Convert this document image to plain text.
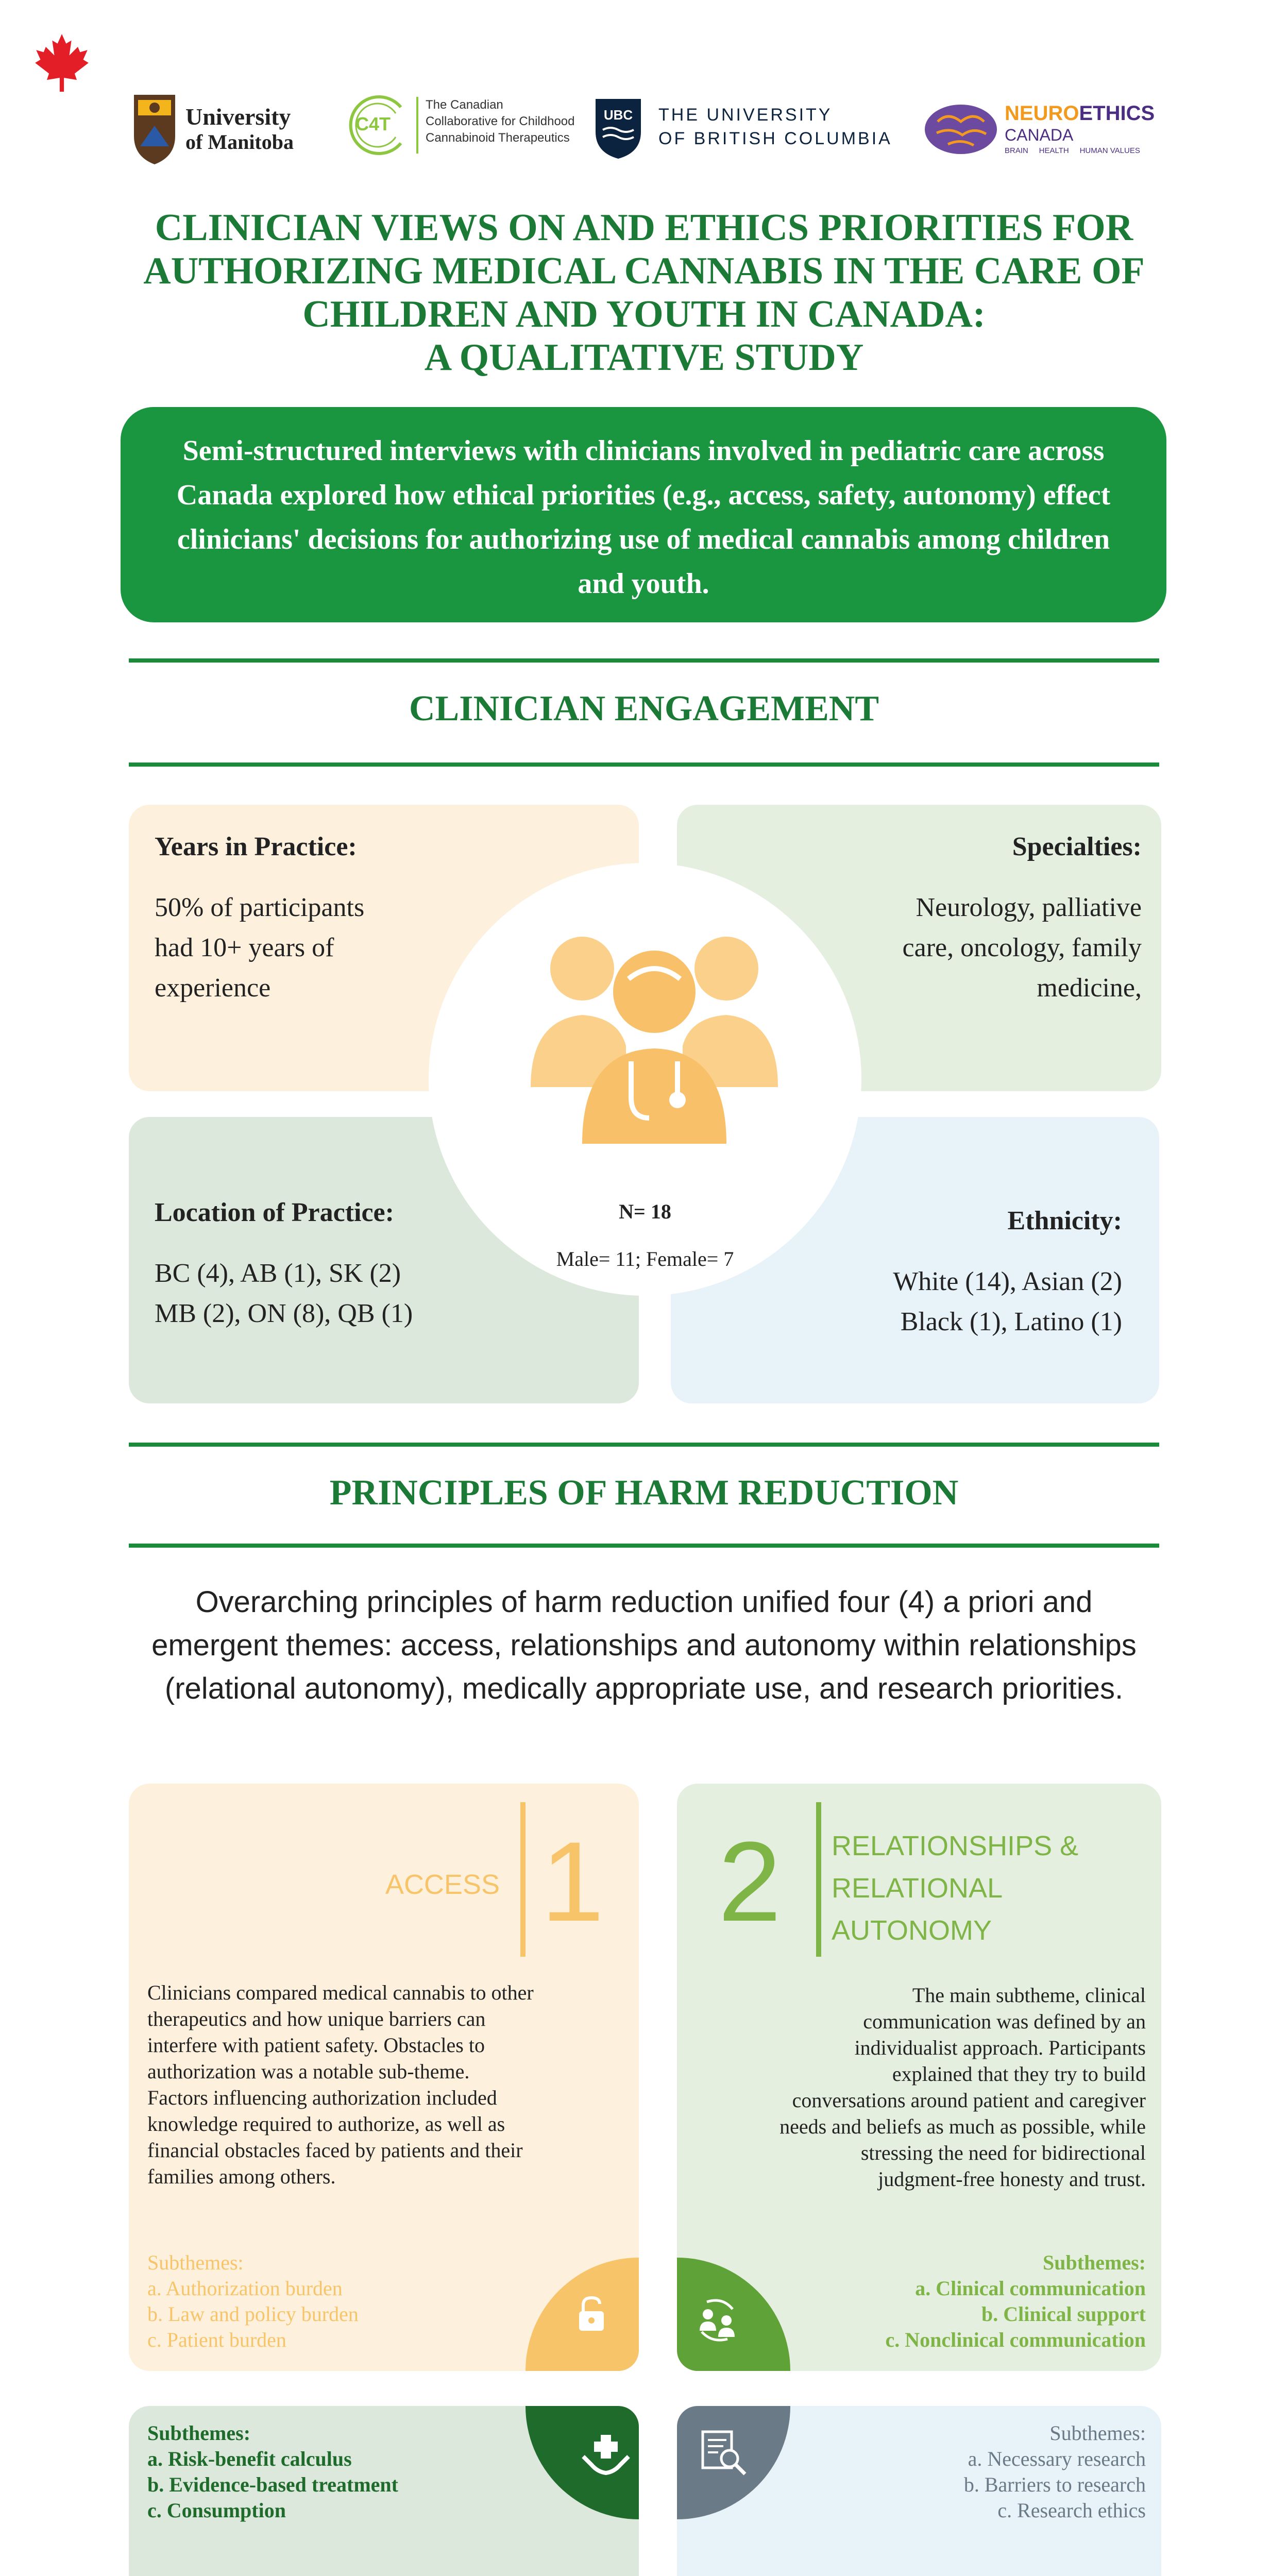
University
of Manitoba
C4T
The Canadian
Collaborative for Childhood
Cannabinoid Therapeutics
UBC THE UNIVERSITY
OF BRITISH COLUMBIA
NEUROETHICS
CANADA
BRAIN     HEALTH     HUMAN VALUES
CLINICIAN VIEWS ON AND ETHICS PRIORITIES FOR
AUTHORIZING MEDICAL CANNABIS IN THE CARE OF
CHILDREN AND YOUTH IN CANADA:
A QUALITATIVE STUDY
Semi-structured interviews with clinicians involved in pediatric care across Canada explored how ethical priorities (e.g., access, safety, autonomy) effect clinicians' decisions for authorizing use of medical cannabis among children and youth.
CLINICIAN ENGAGEMENT
Years in Practice:
50% of participants
had 10+ years of
experience
Specialties:
Neurology, palliative
care, oncology, family
medicine,
Location of Practice:
BC (4), AB (1), SK (2)
MB (2), ON (8), QB (1)
Ethnicity:
White (14), Asian (2)
Black (1), Latino (1)
N= 18
Male= 11; Female= 7
PRINCIPLES OF HARM REDUCTION
Overarching principles of harm reduction unified four (4) a priori and
emergent themes: access, relationships and autonomy within relationships
(relational autonomy), medically appropriate use, and research priorities.
ACCESS 1
Clinicians compared medical cannabis to other
therapeutics and how unique barriers can
interfere with patient safety. Obstacles to
authorization was a notable sub-theme.
Factors influencing authorization included
knowledge required to authorize, as well as
financial obstacles faced by patients and their
families among others.
Subthemes:
a. Authorization burden
b. Law and policy burden
c. Patient burden
2 RELATIONSHIPS &
RELATIONAL
AUTONOMY
The main subtheme, clinical
communication was defined by an
individualist approach. Participants
explained that they try to build
conversations around patient and caregiver
needs and beliefs as much as possible, while
stressing the need for bidirectional
judgment-free honesty and trust.
Subthemes:
a. Clinical communication
b. Clinical support
c. Nonclinical communication
Subthemes:
a. Risk-benefit calculus
b. Evidence-based treatment
c. Consumption
Subthemes:
a. Necessary research
b. Barriers to research
c. Research ethics
